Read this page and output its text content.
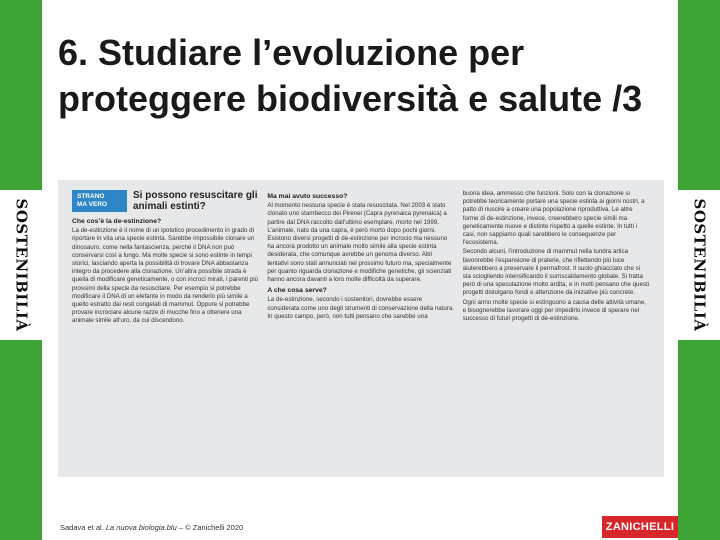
SOSTENIBILIÀ	SOSTENIBILIÀ
6. Studiare l’evoluzione per
proteggere biodiversità e salute /3
STRANO
MA VERO
Si possono resuscitare gli animali estinti?
Che cos’è la de-estinzione?

La de-estinzione è il nome di un ipotetico procedimento in grado di riportare in vita una specie estinta. Sarebbe impossibile clonare un dinosauro, come nella fantascienza, perché il DNA non può conservarsi così a lungo. Ma molte specie si sono estinte in tempi storici, lasciando aperta la possibilità di trovare DNA abbastanza integro da procedere alla clonazione. Un’altra possibile strada è quella di modificare geneticamente, o con incroci mirati, i parenti più prossimi della specie da resuscitare. Per esempio si potrebbe modificare il DNA di un elefante in modo da renderlo più simile a quello estratto dai resti congelati di mammut. Oppure si potrebbe provare incrociare alcune razze di mucche fino a ottenere una animale simile all’uro, da cui discendono.

Ma mai avuto successo?

Al momento nessuna specie è stata resuscitata. Nel 2003 è stato clonato uno stambecco dei Pirenei (Capra pyrenaica pyrenaica) a partire dal DNA raccolto dall’ultimo esemplare, morto nel 1999. L’animale, nato da una capra, è però morto dopo pochi giorni. Esistono diversi progetti di de-estinzione per incrocio ma nessuno ha ancora prodotto un animale molto simile alla specie estinta desiderata, che comunque avrebbe un genoma diverso. Altri tentativi sono stati annunciati nel prossimo futuro ma, specialmente per quanto riguarda clonazione e modifiche genetiche, gli scienziati hanno ancora davanti a loro molte difficoltà da superare.

A che cosa serve?

La de-estinzione, secondo i sostenitori, dovrebbe essere considerata come uno degli strumenti di conservazione della natura. In questo campo, però, non tutti pensano che sarebbe una

buona idea, ammesso che funzioni. Solo con la clonazione si potrebbe teoricamente portare una specie estinta ai giorni nostri, a patto di riuscire a creare una popolazione riproduttiva. Le altre forme di de-estinzione, invece, creerebbero specie simili ma geneticamente nuove e distinte rispetto a quelle estinte. In tutti i casi, non sappiamo quali sarebbero le conseguenze per l’ecosistema.

Secondo alcuni, l’introduzione di mammut nella tundra artica favorirebbe l’espansione di praterie, che riflettendo più luce aiuterebbero a preservare il permafrost. Il suolo ghiacciato che si sta sciogliendo intensificando il surriscaldamento globale. Si tratta però di una speculazione molto ardita, e in molti pensano che questi progetti distolgano fondi e attenzione da iniziative più concrete.

Ogni anno molte specie si estinguono a causa delle attività umane, e bisognerebbe lavorare oggi per impedirlo invece di sperare nel successo di futuri progetti di de-estinzione.

Sadava et al. La nuova biologia.blu – © Zanichelli 2020	ZANICHELLI
